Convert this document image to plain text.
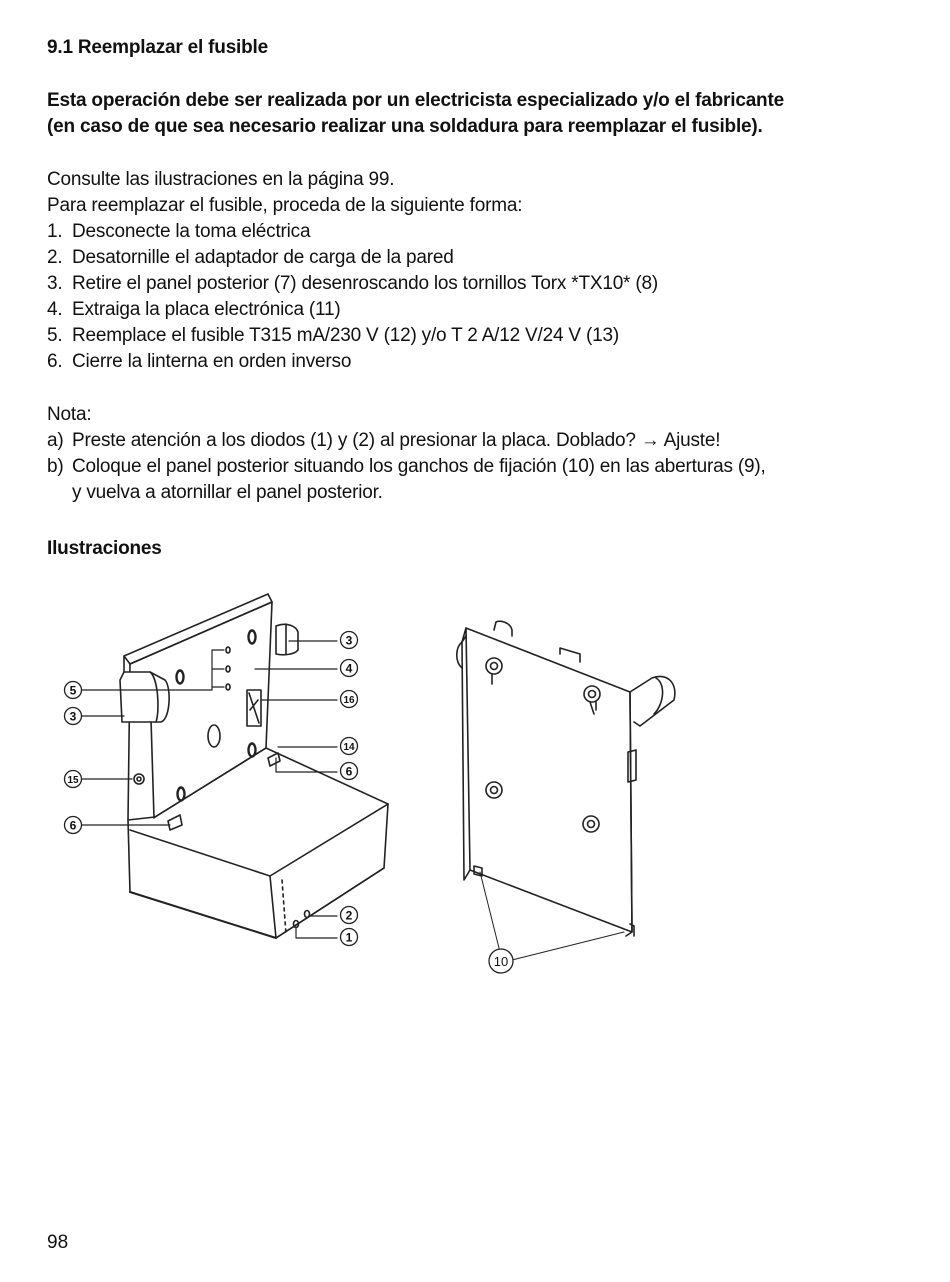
9.1 Reemplazar el fusible
Esta operación debe ser realizada por un electricista especializado y/o el fabricante
(en caso de que sea necesario realizar una soldadura para reemplazar el fusible).
Consulte las ilustraciones en la página 99.
Para reemplazar el fusible, proceda de la siguiente forma:
1. Desconecte la toma eléctrica
2. Desatornille el adaptador de carga de la pared
3. Retire el panel posterior (7) desenroscando los tornillos Torx *TX10* (8)
4. Extraiga la placa electrónica (11)
5. Reemplace el fusible T315 mA/230 V (12) y/o T 2 A/12 V/24 V (13)
6. Cierre la linterna en orden inverso
Nota:
a) Preste atención a los diodos (1) y (2) al presionar la placa. Doblado? → Ajuste!
b) Coloque el panel posterior situando los ganchos de fijación (10) en las aberturas (9),
y vuelva a atornillar el panel posterior.
Ilustraciones
3
4
16
14
6
2
1
5
3
15
6
10
98
